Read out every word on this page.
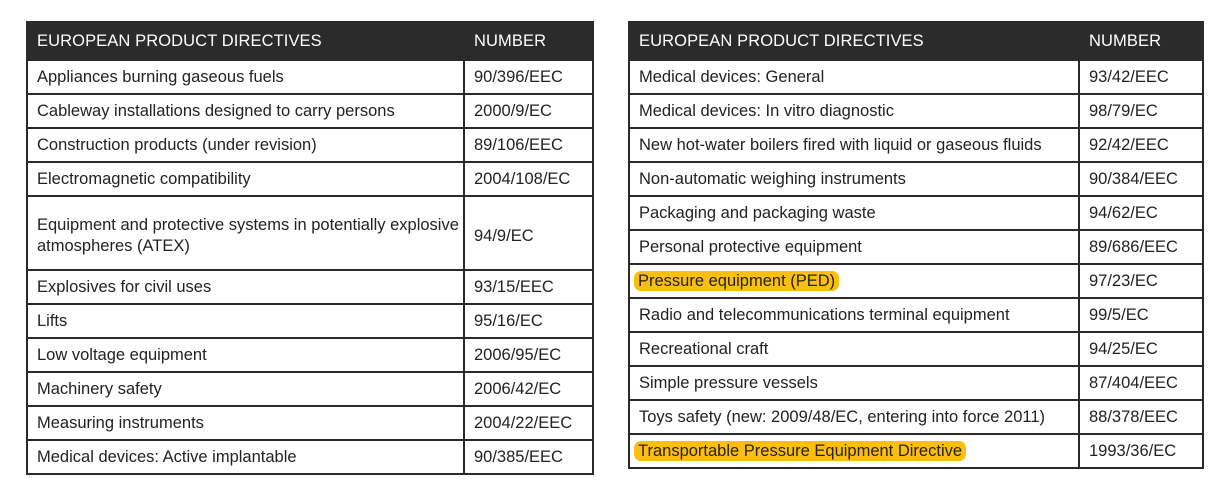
EUROPEAN PRODUCT DIRECTIVES	NUMBER
Appliances burning gaseous fuels	90/396/EEC
Cableway installations designed to carry persons	2000/9/EC
Construction products (under revision)	89/106/EEC
Electromagnetic compatibility	2004/108/EC
Equipment and protective systems in potentially explosive atmospheres (ATEX)	94/9/EC
Explosives for civil uses	93/15/EEC
Lifts	95/16/EC
Low voltage equipment	2006/95/EC
Machinery safety	2006/42/EC
Measuring instruments	2004/22/EEC
Medical devices: Active implantable	90/385/EEC
EUROPEAN PRODUCT DIRECTIVES	NUMBER
Medical devices: General	93/42/EEC
Medical devices: In vitro diagnostic	98/79/EC
New hot-water boilers fired with liquid or gaseous fluids	92/42/EEC
Non-automatic weighing instruments	90/384/EEC
Packaging and packaging waste	94/62/EC
Personal protective equipment	89/686/EEC
Pressure equipment (PED)	97/23/EC
Radio and telecommunications terminal equipment	99/5/EC
Recreational craft	94/25/EC
Simple pressure vessels	87/404/EEC
Toys safety (new: 2009/48/EC, entering into force 2011)	88/378/EEC
Transportable Pressure Equipment Directive	1993/36/EC
